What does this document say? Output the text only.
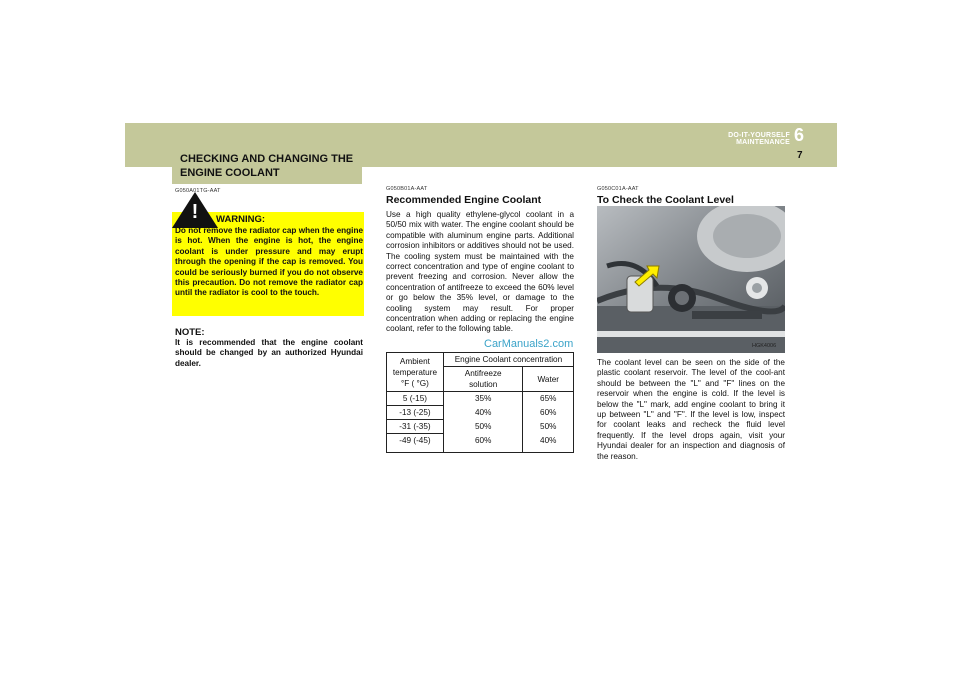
DO-IT-YOURSELF MAINTENANCE 6
7
CHECKING AND CHANGING THE ENGINE COOLANT
G050A01TG-AAT
! WARNING:

Do not remove the radiator cap when the engine is hot. When the engine is hot, the engine coolant is under pressure and may erupt through the opening if the cap is removed. You could be seriously burned if you do not observe this precaution. Do not remove the radiator cap until the radiator is cool to the touch.

NOTE:

It is recommended that the engine coolant should be changed by an authorized Hyundai dealer.

G050B01A-AAT
Recommended Engine Coolant

Use a high quality ethylene-glycol coolant in a 50/50 mix with water. The engine coolant should be compatible with aluminum engine parts. Additional corrosion inhibitors or additives should not be used. The cooling system must be maintained with the correct concentration and type of engine coolant to prevent freezing and corrosion. Never allow the concentration of antifreeze to exceed the 60% level or go below the 35% level, or damage to the cooling system may result. For proper concentration when adding or replacing the engine coolant, refer to the following table.

CarManuals2.com
Ambient
temperature
°F ( °G)	Engine Coolant concentration	

	Antifreeze
solution	Water
5 (-15)	35%	65%
-13 (-25)	40%	60%
-31 (-35)	50%	50%
-49 (-45)	60%	40%
G050C01A-AAT
To Check the Coolant Level
HGK4006

The coolant level can be seen on the side of the plastic coolant reservoir. The level of the cool-ant should be between the "L" and "F" lines on the reservoir when the engine is cold. If the level is below the "L" mark, add engine coolant to bring it up between "L" and "F". If the level is low, inspect for coolant leaks and recheck the fluid level frequently. If the level drops again, visit your Hyundai dealer for an inspection and diagnosis of the reason.
